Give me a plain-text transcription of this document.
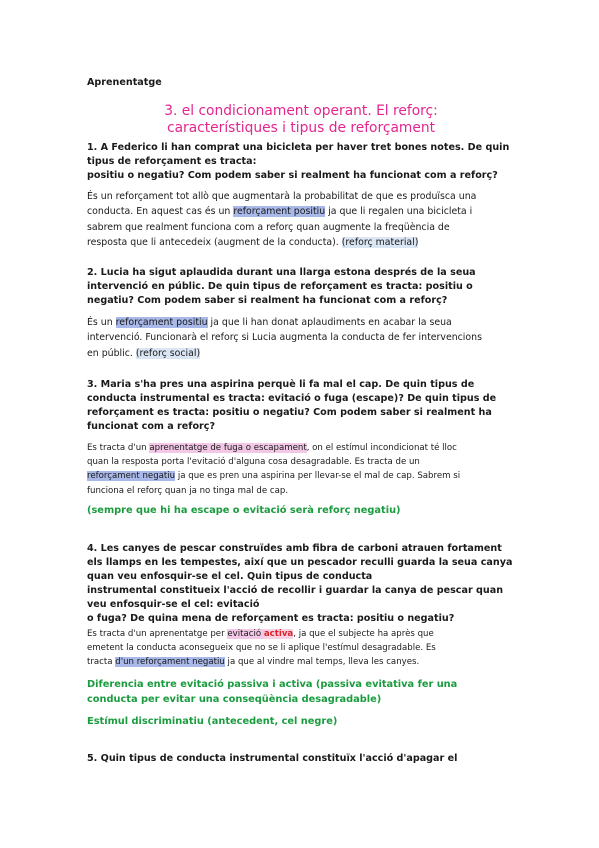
Aprenentatge
3. el condicionament operant. El reforç:
característiques i tipus de reforçament
1. A Federico li han comprat una bicicleta per haver tret bones notes. De quin
tipus de reforçament es tracta:
positiu o negatiu? Com podem saber si realment ha funcionat com a reforç?
És un reforçament tot allò que augmentarà la probabilitat de que es produïsca una
conducta. En aquest cas és un reforçament positiu ja que li regalen una bicicleta i
sabrem que realment funciona com a reforç quan augmente la freqüència de
resposta que li antecedeix (augment de la conducta). (reforç material)
2. Lucia ha sigut aplaudida durant una llarga estona després de la seua
intervenció en públic. De quin tipus de reforçament es tracta: positiu o
negatiu? Com podem saber si realment ha funcionat com a reforç?
És un reforçament positiu ja que li han donat aplaudiments en acabar la seua
intervenció. Funcionarà el reforç si Lucia augmenta la conducta de fer intervencions
en públic. (reforç social)
3. Maria s'ha pres una aspirina perquè li fa mal el cap. De quin tipus de
conducta instrumental es tracta: evitació o fuga (escape)? De quin tipus de
reforçament es tracta: positiu o negatiu? Com podem saber si realment ha
funcionat com a reforç?
Es tracta d'un aprenentatge de fuga o escapament, on el estímul incondicionat té lloc
quan la resposta porta l'evitació d'alguna cosa desagradable. Es tracta de un
reforçament negatiu ja que es pren una aspirina per llevar-se el mal de cap. Sabrem si
funciona el reforç quan ja no tinga mal de cap.
(sempre que hi ha escape o evitació serà reforç negatiu)
4. Les canyes de pescar construïdes amb fibra de carboni atrauen fortament
els llamps en les tempestes, així que un pescador reculli guarda la seua canya
quan veu enfosquir-se el cel. Quin tipus de conducta
instrumental constitueix l'acció de recollir i guardar la canya de pescar quan
veu enfosquir-se el cel: evitació
o fuga? De quina mena de reforçament es tracta: positiu o negatiu?
Es tracta d'un aprenentatge per evitació activa, ja que el subjecte ha après que
emetent la conducta aconsegueix que no se li aplique l'estímul desagradable. Es
tracta d'un reforçament negatiu ja que al vindre mal temps, lleva les canyes.
Diferencia entre evitació passiva i activa (passiva evitativa fer una
conducta per evitar una conseqüència desagradable)
Estímul discriminatiu (antecedent, cel negre)
5. Quin tipus de conducta instrumental constituïx l'acció d'apagar el
